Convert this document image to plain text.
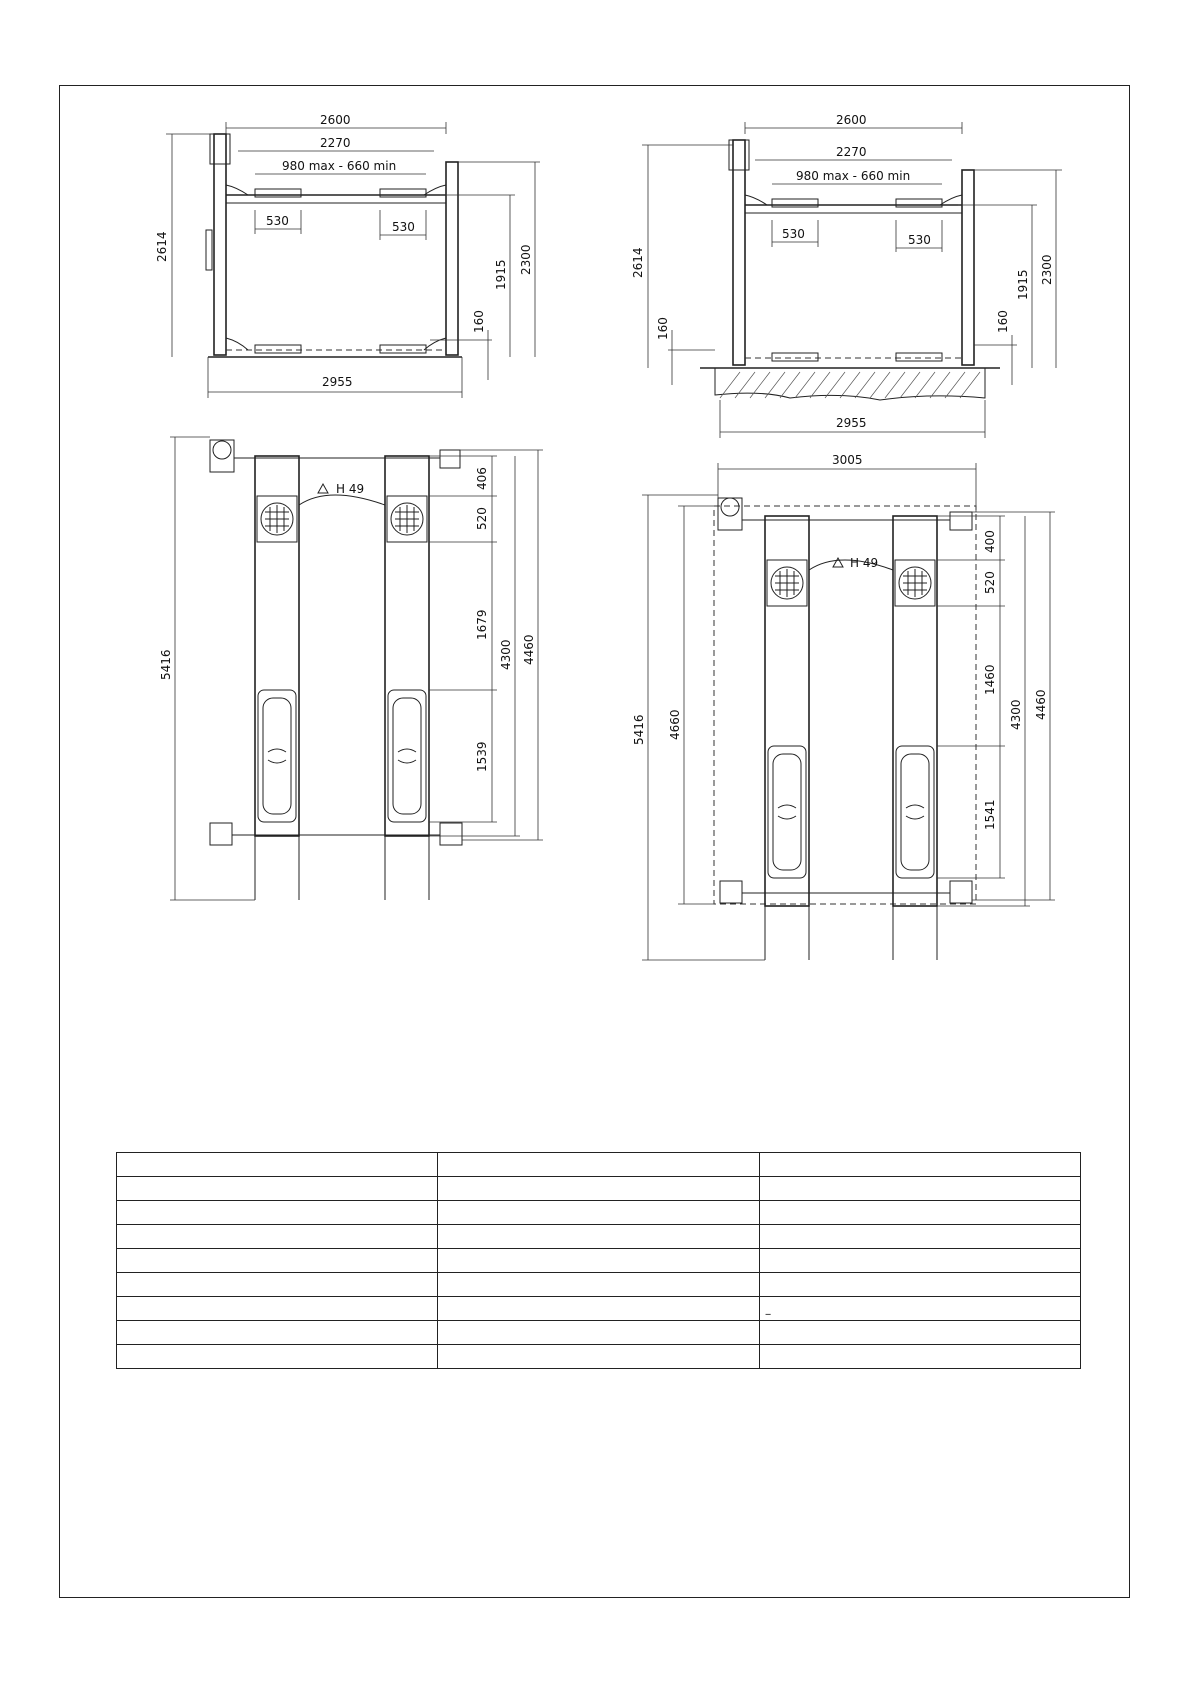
2600
2270
980 max - 660 min
530	530
2614	2300
1915
160
2955
2600
2270
980 max - 660 min
530	530
2614	2300
1915
160
160
2955
H 49
5416
406
520
1679
1539
4300 4460
H 49
3005
5416 4660
400
520
1460
1541
4300 4460

		_
